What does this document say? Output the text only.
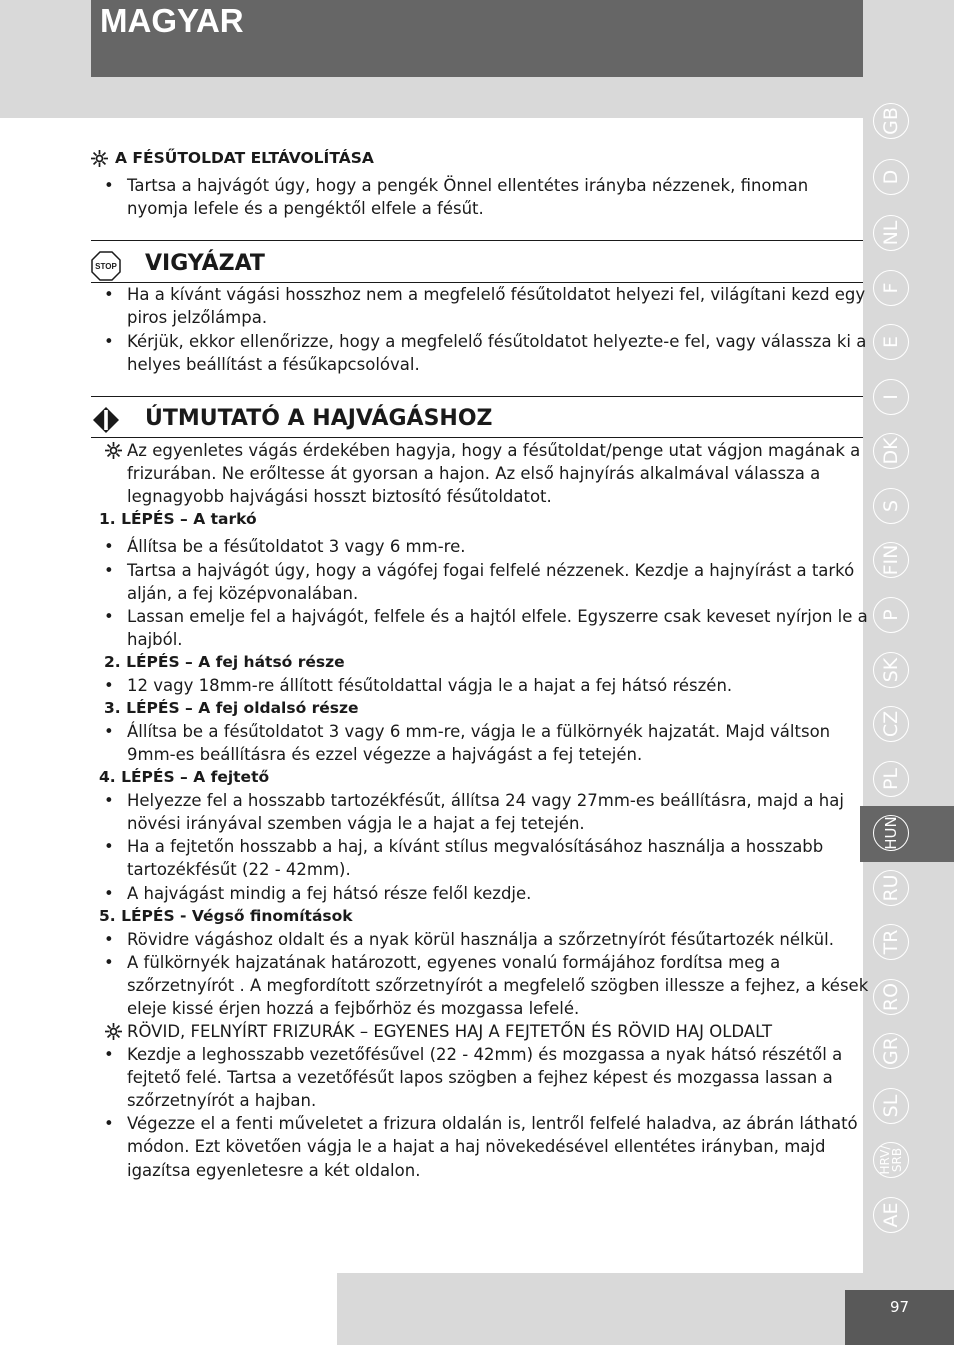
MAGYAR
97
A FÉSŰTOLDAT ELTÁVOLÍTÁSA
• Tartsa a hajvágót úgy, hogy a pengék Önnel ellentétes irányba nézzenek, finoman
nyomja lefele és a pengéktől elfele a fésűt.
STOP VIGYÁZAT
• Ha a kívánt vágási hosszhoz nem a megfelelő fésűtoldatot helyezi fel, világítani kezd egy
piros jelzőlámpa.
• Kérjük, ekkor ellenőrizze, hogy a megfelelő fésűtoldatot helyezte-e fel, vagy válassza ki a
helyes beállítást a fésűkapcsolóval.
ÚTMUTATÓ A HAJVÁGÁSHOZ
Az egyenletes vágás érdekében hagyja, hogy a fésűtoldat/penge utat vágjon magának a
frizurában. Ne erőltesse át gyorsan a hajon. Az első hajnyírás alkalmával válassza a
legnagyobb hajvágási hosszt biztosító fésűtoldatot.
1. LÉPÉS – A tarkó
• Állítsa be a fésűtoldatot 3 vagy 6 mm-re.
• Tartsa a hajvágót úgy, hogy a vágófej fogai felfelé nézzenek. Kezdje a hajnyírást a tarkó
alján, a fej középvonalában.
• Lassan emelje fel a hajvágót, felfele és a hajtól elfele. Egyszerre csak keveset nyírjon le a
hajból.
2. LÉPÉS – A fej hátsó része
• 12 vagy 18mm-re állított fésűtoldattal vágja le a hajat a fej hátsó részén.
3. LÉPÉS – A fej oldalsó része
• Állítsa be a fésűtoldatot 3 vagy 6 mm-re, vágja le a fülkörnyék hajzatát. Majd váltson
9mm-es beállításra és ezzel végezze a hajvágást a fej tetején.
4. LÉPÉS – A fejtető
• Helyezze fel a hosszabb tartozékfésűt, állítsa 24 vagy 27mm-es beállításra, majd a haj
növési irányával szemben vágja le a hajat a fej tetején.
• Ha a fejtetőn hosszabb a haj, a kívánt stílus megvalósításához használja a hosszabb
tartozékfésűt (22 - 42mm).
• A hajvágást mindig a fej hátsó része felől kezdje.
5. LÉPÉS - Végső finomítások
• Rövidre vágáshoz oldalt és a nyak körül használja a szőrzetnyírót fésűtartozék nélkül.
• A fülkörnyék hajzatának határozott, egyenes vonalú formájához fordítsa meg a
szőrzetnyírót . A megfordított szőrzetnyírót a megfelelő szögben illessze a fejhez, a kések
eleje kissé érjen hozzá a fejbőrhöz és mozgassa lefelé.
RÖVID, FELNYÍRT FRIZURÁK – EGYENES HAJ A FEJTETŐN ÉS RÖVID HAJ OLDALT
• Kezdje a leghosszabb vezetőfésűvel (22 - 42mm) és mozgassa a nyak hátsó részétől a
fejtető felé. Tartsa a vezetőfésűt lapos szögben a fejhez képest és mozgassa lassan a
szőrzetnyírót a hajban.
• Végezze el a fenti műveletet a frizura oldalán is, lentről felfelé haladva, az ábrán látható
módon. Ezt követően vágja le a hajat a haj növekedésével ellentétes irányban, majd
igazítsa egyenletesre a két oldalon.
GB
D
NL
F
E
I
DK
S
FIN
P
SK
CZ
PL
HUN
RU
TR
RO
GR
SL
HRV/SRB
AE
